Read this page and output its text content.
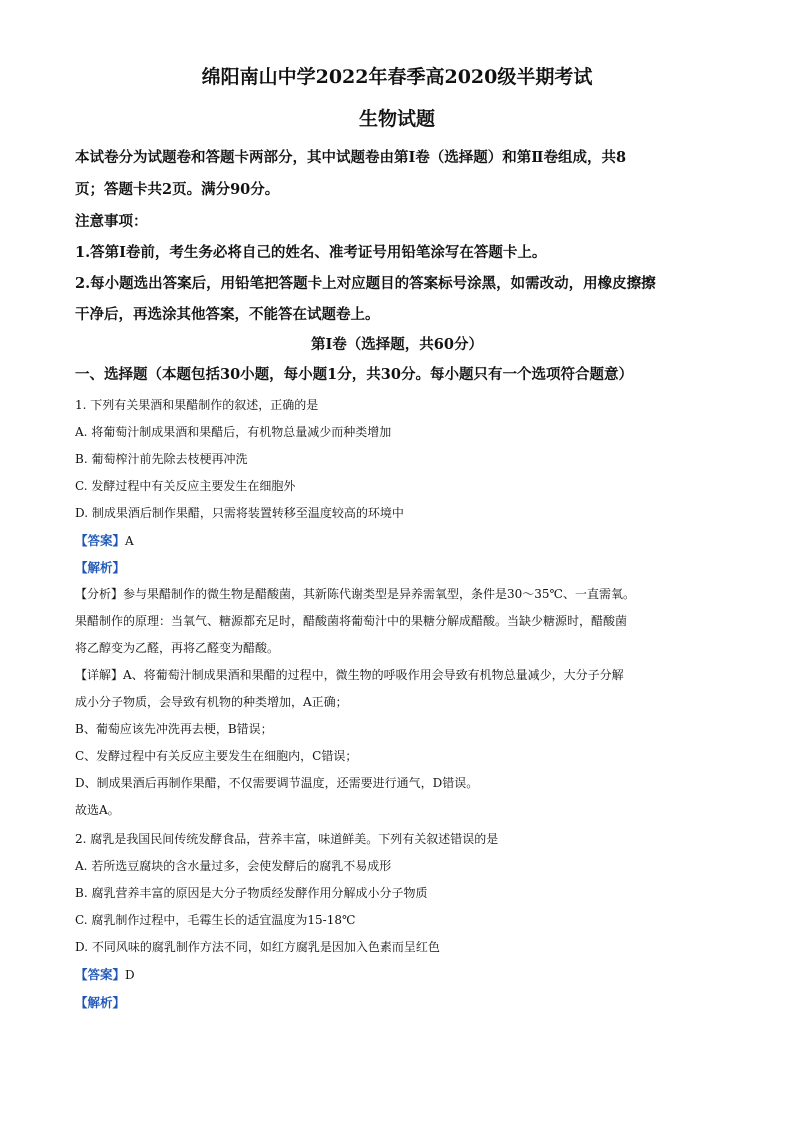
绵阳南山中学2022年春季高2020级半期考试
生物试题
本试卷分为试题卷和答题卡两部分，其中试题卷由第Ⅰ卷（选择题）和第Ⅱ卷组成，共8
页；答题卡共2页。满分90分。
注意事项：
1.答第Ⅰ卷前，考生务必将自己的姓名、准考证号用铅笔涂写在答题卡上。
2.每小题选出答案后，用铅笔把答题卡上对应题目的答案标号涂黑，如需改动，用橡皮擦擦
干净后，再选涂其他答案，不能答在试题卷上。
第Ⅰ卷（选择题，共60分）
一、选择题（本题包括30小题，每小题1分，共30分。每小题只有一个选项符合题意）
1. 下列有关果酒和果醋制作的叙述，正确的是
A. 将葡萄汁制成果酒和果醋后，有机物总量减少而种类增加
B. 葡萄榨汁前先除去枝梗再冲洗
C. 发酵过程中有关反应主要发生在细胞外
D. 制成果酒后制作果醋，只需将装置转移至温度较高的环境中
【答案】A
【解析】
【分析】参与果醋制作的微生物是醋酸菌，其新陈代谢类型是异养需氧型，条件是30～35℃、一直需氧。
果醋制作的原理：当氧气、糖源都充足时，醋酸菌将葡萄汁中的果糖分解成醋酸。当缺少糖源时，醋酸菌
将乙醇变为乙醛，再将乙醛变为醋酸。
【详解】A、将葡萄汁制成果酒和果醋的过程中，微生物的呼吸作用会导致有机物总量减少，大分子分解
成小分子物质，会导致有机物的种类增加，A正确；
B、葡萄应该先冲洗再去梗，B错误；
C、发酵过程中有关反应主要发生在细胞内，C错误；
D、制成果酒后再制作果醋，不仅需要调节温度，还需要进行通气，D错误。
故选A。
2. 腐乳是我国民间传统发酵食品，营养丰富，味道鲜美。下列有关叙述错误的是
A. 若所选豆腐块的含水量过多，会使发酵后的腐乳不易成形
B. 腐乳营养丰富的原因是大分子物质经发酵作用分解成小分子物质
C. 腐乳制作过程中，毛霉生长的适宜温度为15-18℃
D. 不同风味的腐乳制作方法不同，如红方腐乳是因加入色素而呈红色
【答案】D
【解析】
